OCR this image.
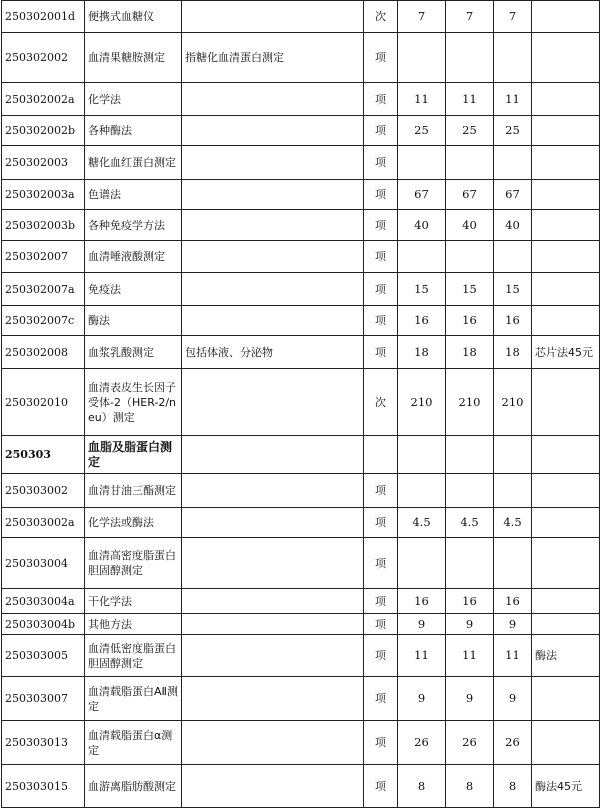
250302001d	便携式血糖仪		次	7	7	7	
250302002	血清果糖胺测定	指糖化血清蛋白测定	项				
250302002a	化学法		项	11	11	11	
250302002b	各种酶法		项	25	25	25	
250302003	糖化血红蛋白测定		项				
250302003a	色谱法		项	67	67	67	
250302003b	各种免疫学方法		项	40	40	40	
250302007	血清唾液酸测定		项				
250302007a	免疫法		项	15	15	15	
250302007c	酶法		项	16	16	16	
250302008	血浆乳酸测定	包括体液、分泌物	项	18	18	18	芯片法45元
250302010	血清表皮生长因子受体-2（HER-2/neu）测定		次	210	210	210	
250303	血脂及脂蛋白测定						
250303002	血清甘油三酯测定		项				
250303002a	化学法或酶法		项	4.5	4.5	4.5	
250303004	血清高密度脂蛋白胆固醇测定		项				
250303004a	干化学法		项	16	16	16	
250303004b	其他方法		项	9	9	9	
250303005	血清低密度脂蛋白胆固醇测定		项	11	11	11	酶法
250303007	血清载脂蛋白AⅡ测定		项	9	9	9	
250303013	血清载脂蛋白α测定		项	26	26	26	
250303015	血游离脂肪酸测定		项	8	8	8	酶法45元
